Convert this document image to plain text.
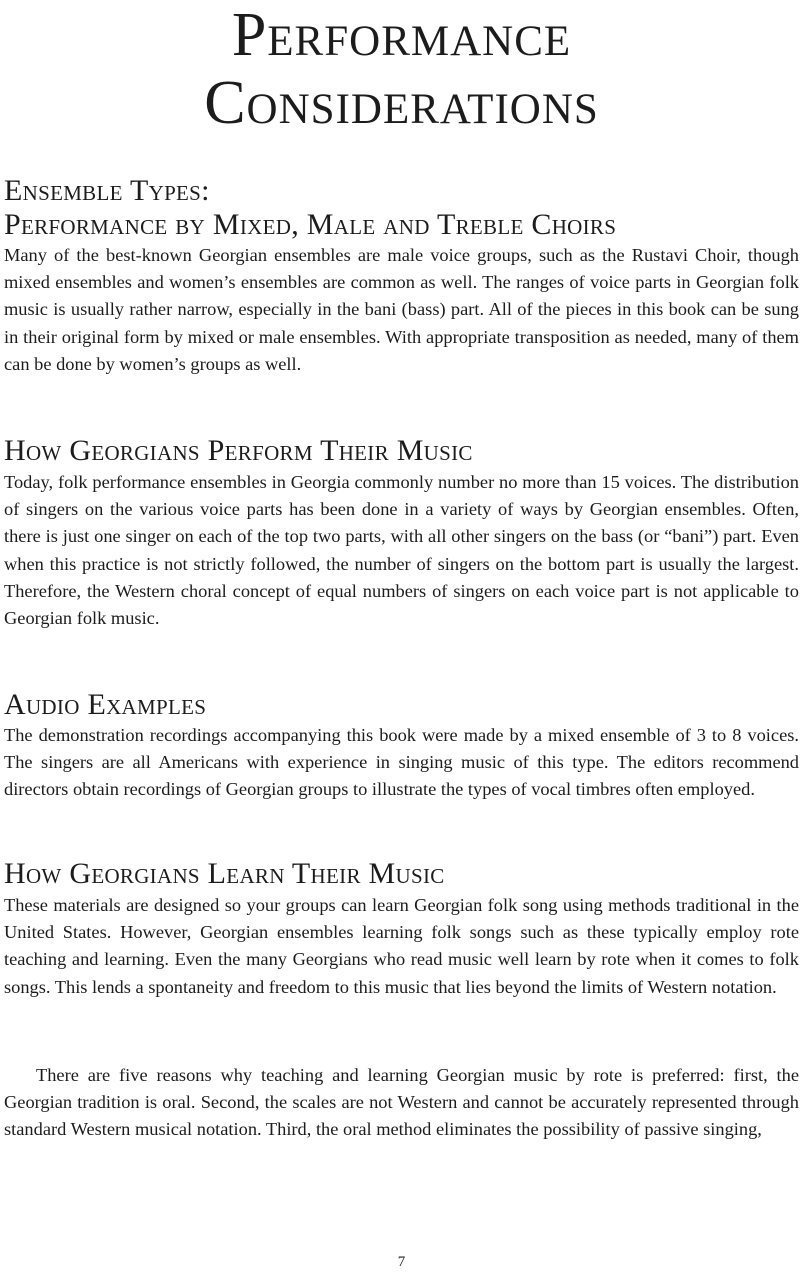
Performance
Considerations
Ensemble Types:
Performance by Mixed, Male and Treble Choirs

Many of the best-known Georgian ensembles are male voice groups, such as the Rustavi Choir, though mixed ensembles and women’s ensembles are common as well. The ranges of voice parts in Georgian folk music is usually rather narrow, especially in the bani (bass) part. All of the pieces in this book can be sung in their original form by mixed or male ensembles. With appropriate transposition as needed, many of them can be done by women’s groups as well.

How Georgians Perform Their Music

Today, folk performance ensembles in Georgia commonly number no more than 15 voices. The distribution of singers on the various voice parts has been done in a variety of ways by Georgian ensembles. Often, there is just one singer on each of the top two parts, with all other singers on the bass (or “bani”) part. Even when this practice is not strictly followed, the number of singers on the bottom part is usually the largest. Therefore, the Western choral concept of equal numbers of singers on each voice part is not applicable to Georgian folk music.

Audio Examples

The demonstration recordings accompanying this book were made by a mixed ensemble of 3 to 8 voices. The singers are all Americans with experience in singing music of this type. The editors recommend directors obtain recordings of Georgian groups to illustrate the types of vocal timbres often employed.

How Georgians Learn Their Music

These materials are designed so your groups can learn Georgian folk song using methods traditional in the United States. However, Georgian ensembles learning folk songs such as these typically employ rote teaching and learning. Even the many Georgians who read music well learn by rote when it comes to folk songs. This lends a spontaneity and freedom to this music that lies beyond the limits of Western notation.

There are five reasons why teaching and learning Georgian music by rote is preferred: first, the Georgian tradition is oral. Second, the scales are not Western and cannot be accurately represented through standard Western musical notation. Third, the oral method eliminates the possibility of passive singing,

7
